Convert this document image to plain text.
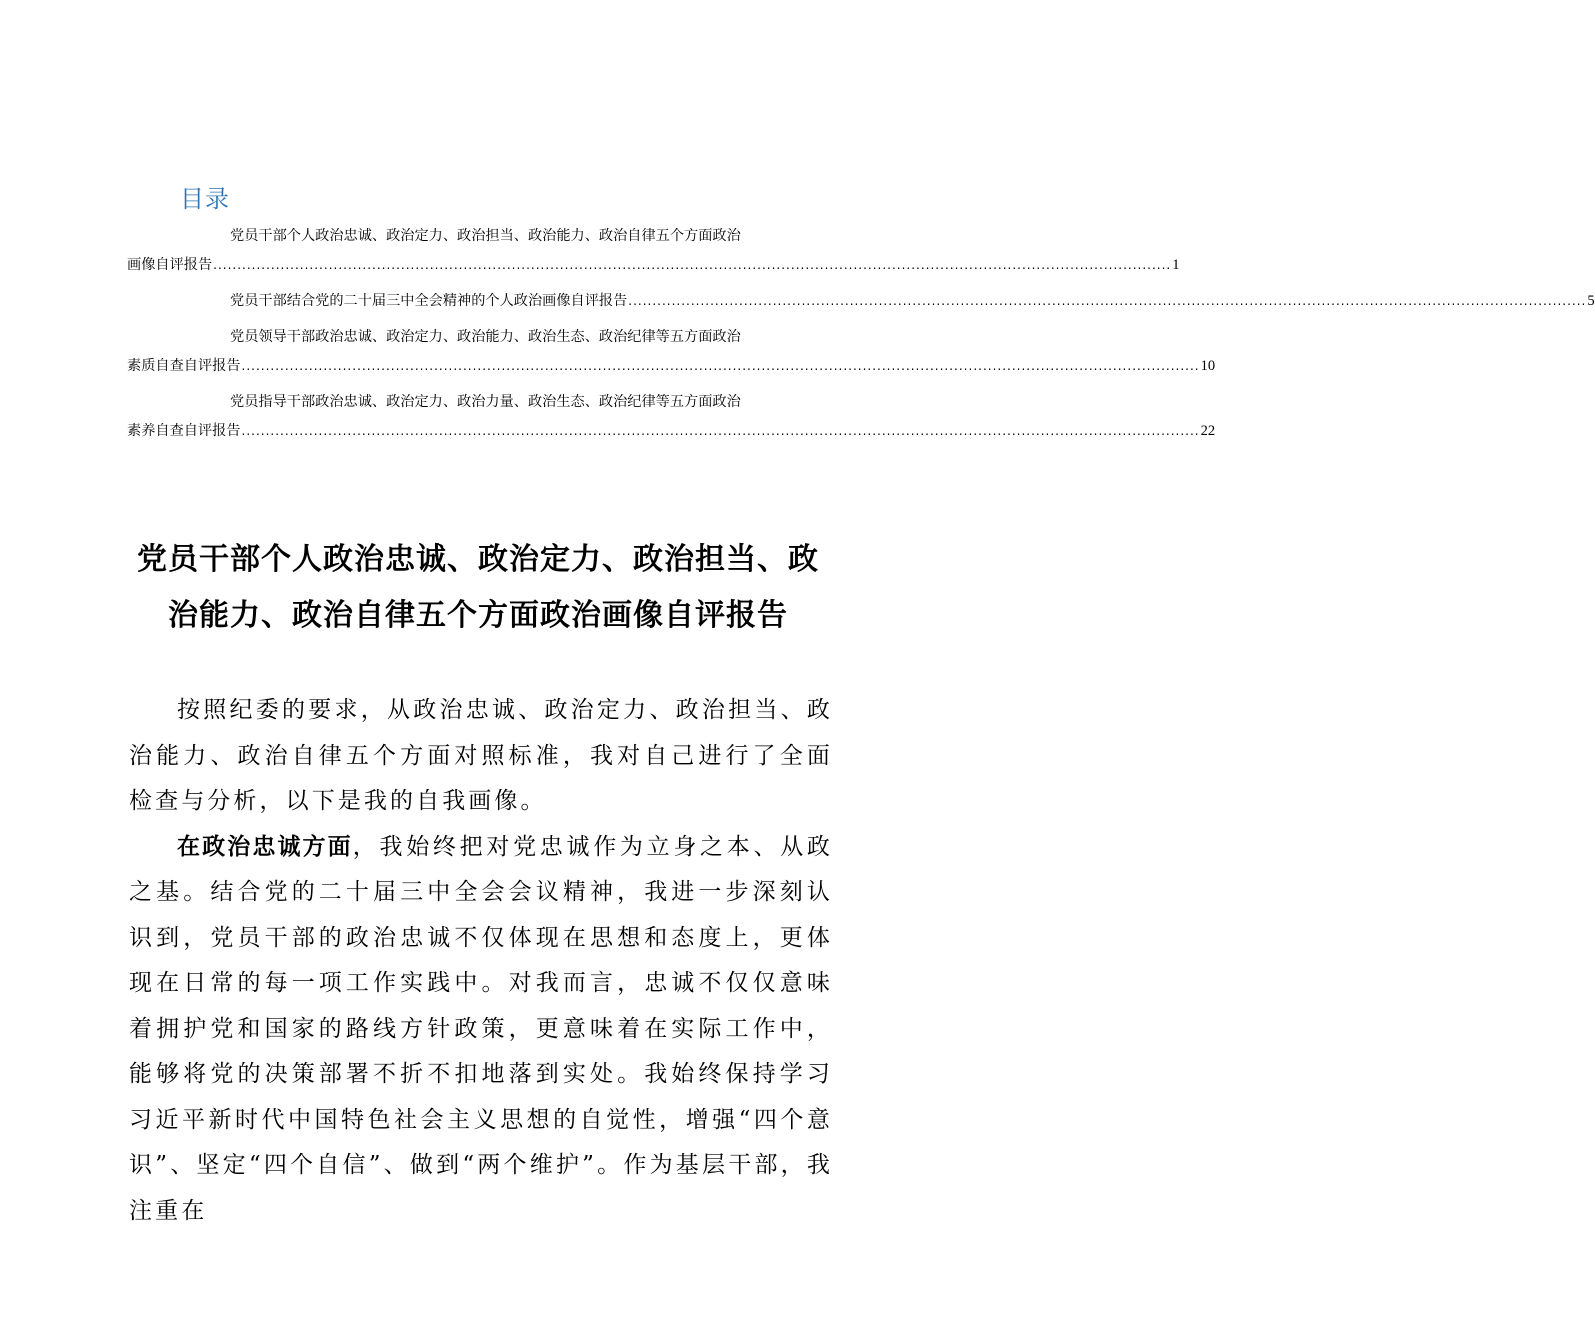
目录
党员干部个人政治忠诚、政治定力、政治担当、政治能力、政治自律五个方面政治
画像自评报告 ....................................................................................................................................................................................................... 1
党员干部结合党的二十届三中全会精神的个人政治画像自评报告 ....................................................................................................................................................................................................... 5
党员领导干部政治忠诚、政治定力、政治能力、政治生态、政治纪律等五方面政治
素质自查自评报告 ....................................................................................................................................................................................................... 10
党员指导干部政治忠诚、政治定力、政治力量、政治生态、政治纪律等五方面政治
素养自查自评报告 ....................................................................................................................................................................................................... 22
党员干部个人政治忠诚、政治定力、政治担当、政
治能力、政治自律五个方面政治画像自评报告

按照纪委的要求，从政治忠诚、政治定力、政治担当、政治能力、政治自律五个方面对照标准，我对自己进行了全面检查与分析，以下是我的自我画像。

在政治忠诚方面，我始终把对党忠诚作为立身之本、从政之基。结合党的二十届三中全会会议精神，我进一步深刻认识到，党员干部的政治忠诚不仅体现在思想和态度上，更体现在日常的每一项工作实践中。对我而言，忠诚不仅仅意味着拥护党和国家的路线方针政策，更意味着在实际工作中，能够将党的决策部署不折不扣地落到实处。我始终保持学习习近平新时代中国特色社会主义思想的自觉性，增强“四个意识”、坚定“四个自信”、做到“两个维护”。作为基层干部，我注重在
